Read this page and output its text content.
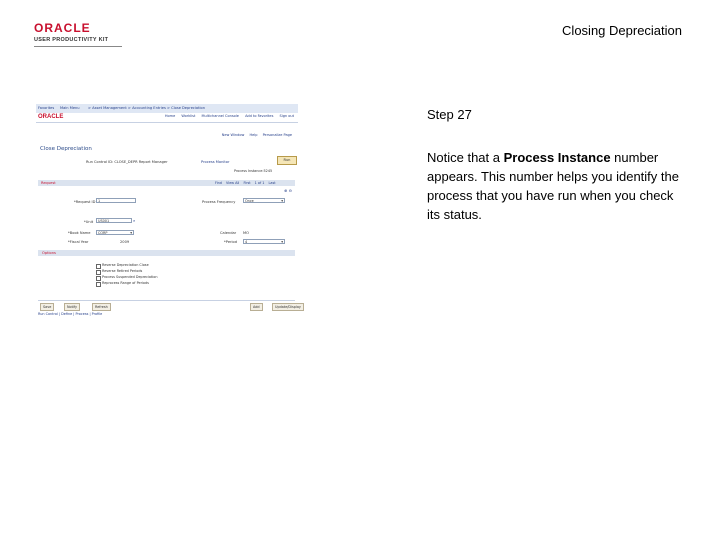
ORACLE
USER PRODUCTIVITY KIT
Closing Depreciation
Favorites Main Menu > Asset Management > Accounting Entries > Close Depreciation
ORACLE	Home Worklist Multichannel Console Add to Favorites Sign out
New Window Help Personalize Page
Close Depreciation
Run Control ID: CLOSE_DEPR Report Manager	Process Monitor	Run
Process Instance:5245
Request	Find View All First 1 of 1 Last
⊕ ⊖
*Request ID 1	Process Frequency	Once ▾
*Unit	US001	⌕
*Book Name	CORP ▾	Calendar MO
*Fiscal Year	2009	*Period	4 ▾
Options
Reverse Depreciation Close
Reverse Retired Periods
Process Suspended Depreciation
Reprocess Range of Periods
Save	Notify	Refresh	Add	Update/Display
Run Control | Define | Process | Profile
Step 27
Notice that a Process Instance number appears. This number helps you identify the process that you have run when you check its status.
